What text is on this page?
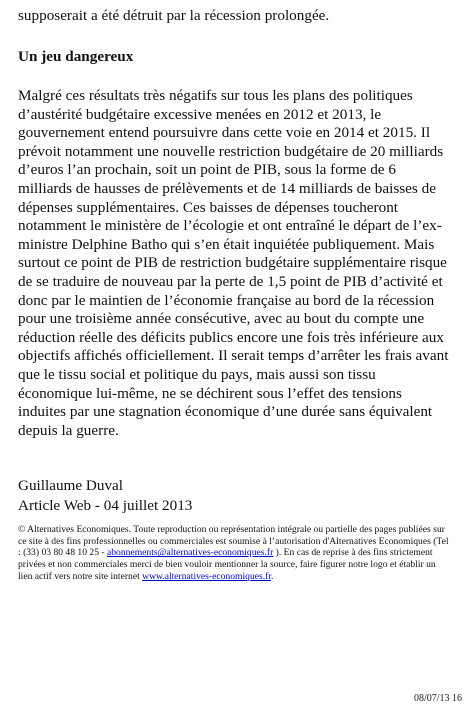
supposerait a été détruit par la récession prolongée.

Un jeu dangereux

Malgré ces résultats très négatifs sur tous les plans des politiques d’austérité budgétaire excessive menées en 2012 et 2013, le gouvernement entend poursuivre dans cette voie en 2014 et 2015. Il prévoit notamment une nouvelle restriction budgétaire de 20 milliards d’euros l’an prochain, soit un point de PIB, sous la forme de 6 milliards de hausses de prélèvements et de 14 milliards de baisses de dépenses supplémentaires. Ces baisses de dépenses toucheront notamment le ministère de l’écologie et ont entraîné le départ de l’ex-ministre Delphine Batho qui s’en était inquiétée publiquement. Mais surtout ce point de PIB de restriction budgétaire supplémentaire risque de se traduire de nouveau par la perte de 1,5 point de PIB d’activité et donc par le maintien de l’économie française au bord de la récession pour une troisième année consécutive, avec au bout du compte une réduction réelle des déficits publics encore une fois très inférieure aux objectifs affichés officiellement. Il serait temps d’arrêter les frais avant que le tissu social et politique du pays, mais aussi son tissu économique lui-même, ne se déchirent sous l’effet des tensions induites par une stagnation économique d’une durée sans équivalent depuis la guerre.

Guillaume Duval
Article Web - 04 juillet 2013
© Alternatives Economiques. Toute reproduction ou représentation intégrale ou partielle des pages publiées sur ce site à des fins professionnelles ou commerciales est soumise à l’autorisation d'Alternatives Economiques (Tel : (33) 03 80 48 10 25 - abonnements@alternatives-economiques.fr ). En cas de reprise à des fins strictement privées et non commerciales merci de bien vouloir mentionner la source, faire figurer notre logo et établir un lien actif vers notre site internet www.alternatives-economiques.fr.
08/07/13 16
